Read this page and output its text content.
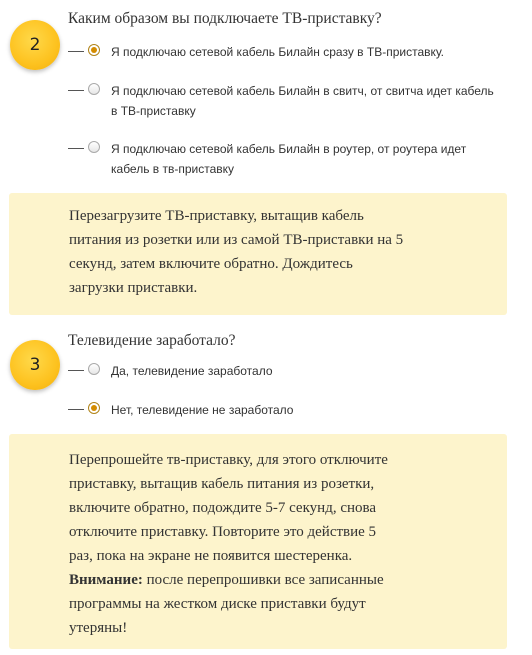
2
Каким образом вы подключаете ТВ-приставку?
Я подключаю сетевой кабель Билайн сразу в ТВ-приставку.
Я подключаю сетевой кабель Билайн в свитч, от свитча идет кабель
в ТВ-приставку
Я подключаю сетевой кабель Билайн в роутер, от роутера идет
кабель в тв-приставку
Перезагрузите ТВ-приставку, вытащив кабель
питания из розетки или из самой ТВ-приставки на 5
секунд, затем включите обратно. Дождитесь
загрузки приставки.
3
Телевидение заработало?
Да, телевидение заработало
Нет, телевидение не заработало
Перепрошейте тв-приставку, для этого отключите
приставку, вытащив кабель питания из розетки,
включите обратно, подождите 5-7 секунд, снова
отключите приставку. Повторите это действие 5
раз, пока на экране не появится шестеренка.
Внимание: после перепрошивки все записанные
программы на жестком диске приставки будут
утеряны!
